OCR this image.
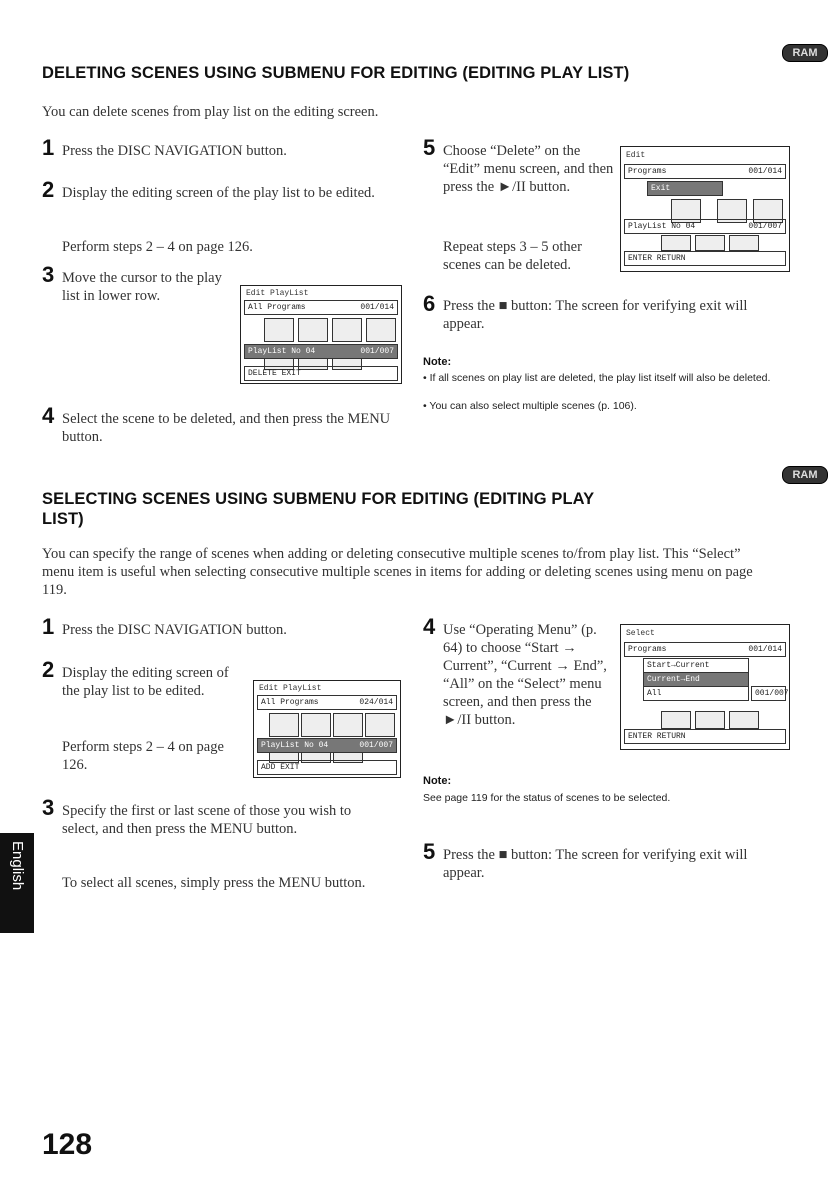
RAM
DELETING SCENES USING SUBMENU FOR EDITING (EDITING PLAY LIST)
You can delete scenes from play list on the editing screen.
1 Press the DISC NAVIGATION button.
2 Display the editing screen of the play list to be edited.
Perform steps 2 – 4 on page 126.
3 Move the cursor to the play list in lower row.	Edit PlayList
All Programs	001/014
PlayList No 04	001/007
DELETE EXIT
4 Select the scene to be deleted, and then press the MENU button.
5 Choose “Delete” on the “Edit” menu screen, and then press the ►/II button.
Repeat steps 3 – 5 other scenes can be deleted.
Edit
Programs	001/014
Exit
PlayList No 04	001/007
ENTER RETURN
6 Press the ■ button: The screen for verifying exit will appear.
Note:
• If all scenes on play list are deleted, the play list itself will also be deleted.
• You can also select multiple scenes (p. 106).
RAM
SELECTING SCENES USING SUBMENU FOR EDITING (EDITING PLAY
LIST)
You can specify the range of scenes when adding or deleting consecutive multiple scenes to/from play list. This “Select” menu item is useful when selecting consecutive multiple scenes in items for adding or deleting scenes using menu on page 119.
1 Press the DISC NAVIGATION button.
2 Display the editing screen of the play list to be edited.
Perform steps 2 – 4 on page 126.
Edit PlayList
All Programs	024/014
PlayList No 04	001/007
ADD EXIT
3 Specify the first or last scene of those you wish to select, and then press the MENU button.
To select all scenes, simply press the MENU button.
4 Use “Operating Menu” (p. 64) to choose “Start → Current”, “Current → End”, “All” on the “Select” menu screen, and then press the ►/II button.
Select
Programs	001/014
Start→Current
Current→End
All	001/007
ENTER RETURN
Note:
See page 119 for the status of scenes to be selected.
5 Press the ■ button: The screen for verifying exit will appear.
English
128
